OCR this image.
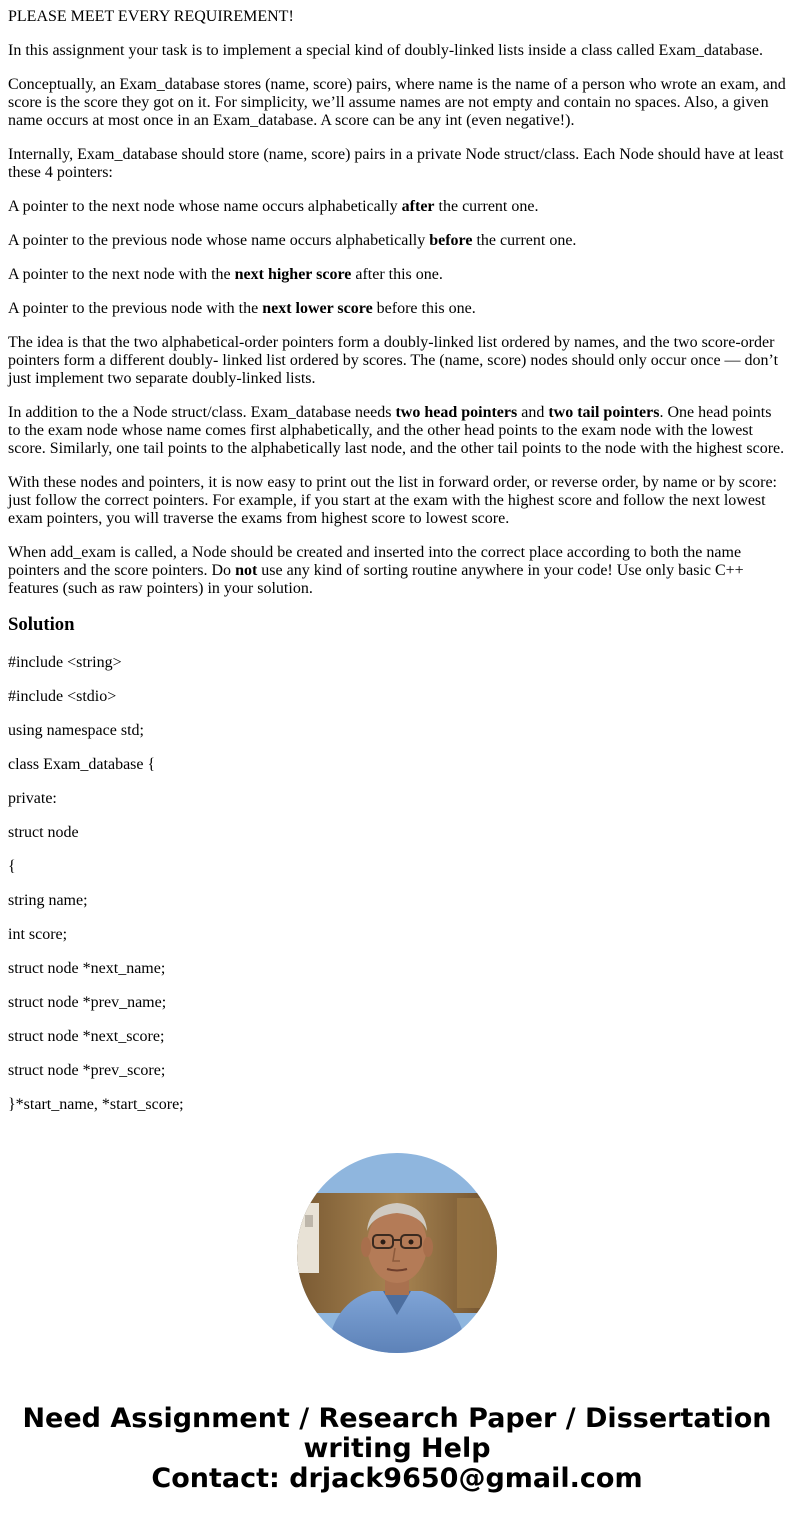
PLEASE MEET EVERY REQUIREMENT!

In this assignment your task is to implement a special kind of doubly-linked lists inside a class called Exam_database.

Conceptually, an Exam_database stores (name, score) pairs, where name is the name of a person who wrote an exam, and score is the score they got on it. For simplicity, we’ll assume names are not empty and contain no spaces. Also, a given name occurs at most once in an Exam_database. A score can be any int (even negative!).

Internally, Exam_database should store (name, score) pairs in a private Node struct/class. Each Node should have at least these 4 pointers:

A pointer to the next node whose name occurs alphabetically after the current one.

A pointer to the previous node whose name occurs alphabetically before the current one.

A pointer to the next node with the next higher score after this one.

A pointer to the previous node with the next lower score before this one.

The idea is that the two alphabetical-order pointers form a doubly-linked list ordered by names, and the two score-order pointers form a different doubly- linked list ordered by scores. The (name, score) nodes should only occur once — don’t just implement two separate doubly-linked lists.

In addition to the a Node struct/class. Exam_database needs two head pointers and two tail pointers. One head points to the exam node whose name comes first alphabetically, and the other head points to the exam node with the lowest score. Similarly, one tail points to the alphabetically last node, and the other tail points to the node with the highest score.

With these nodes and pointers, it is now easy to print out the list in forward order, or reverse order, by name or by score: just follow the correct pointers. For example, if you start at the exam with the highest score and follow the next lowest exam pointers, you will traverse the exams from highest score to lowest score.

When add_exam is called, a Node should be created and inserted into the correct place according to both the name pointers and the score pointers. Do not use any kind of sorting routine anywhere in your code! Use only basic C++ features (such as raw pointers) in your solution.

Solution

#include <string>

#include <stdio>

using namespace std;

class Exam_database {

private:

struct node

{

string name;

int score;

struct node *next_name;

struct node *prev_name;

struct node *next_score;

struct node *prev_score;

}*start_name, *start_score;

Need Assignment / Research Paper / Dissertation
writing Help
Contact: drjack9650@gmail.com
